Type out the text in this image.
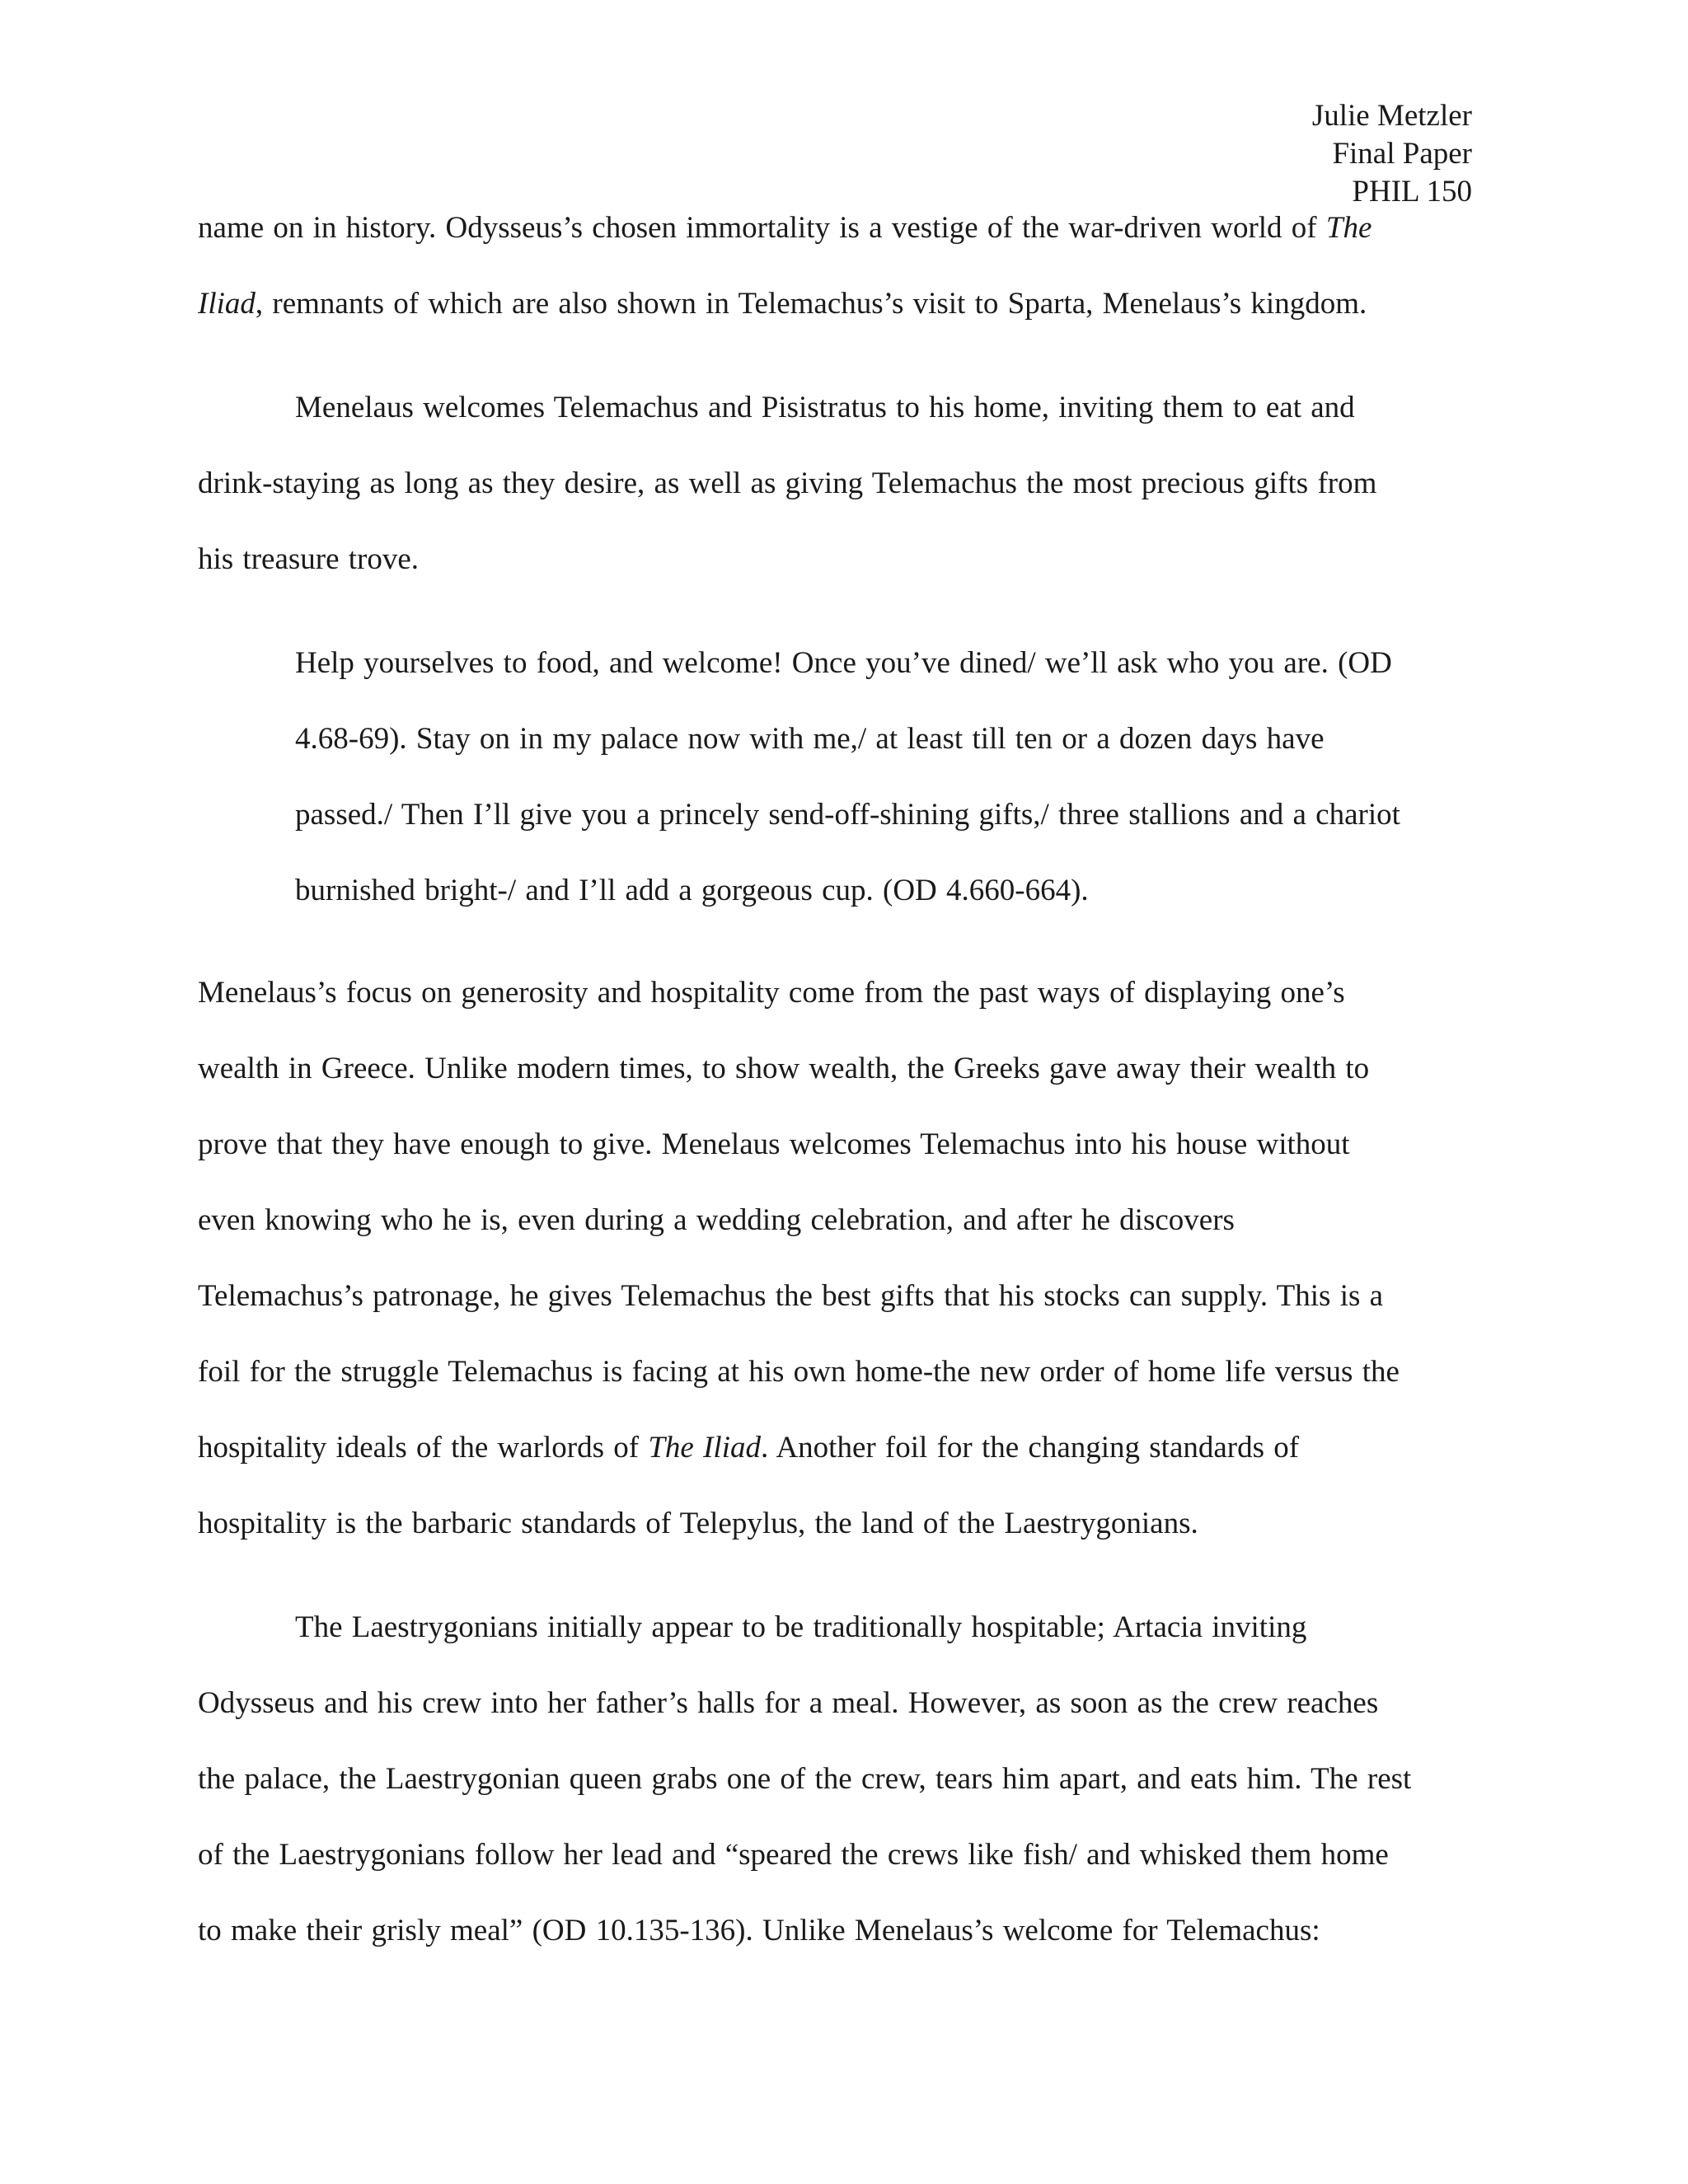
Julie Metzler
Final Paper
PHIL 150
name on in history. Odysseus’s chosen immortality is a vestige of the war-driven world of The
Iliad, remnants of which are also shown in Telemachus’s visit to Sparta, Menelaus’s kingdom.
Menelaus welcomes Telemachus and Pisistratus to his home, inviting them to eat and
drink-staying as long as they desire, as well as giving Telemachus the most precious gifts from
his treasure trove.
Help yourselves to food, and welcome! Once you’ve dined/ we’ll ask who you are. (OD
4.68-69). Stay on in my palace now with me,/ at least till ten or a dozen days have
passed./ Then I’ll give you a princely send-off-shining gifts,/ three stallions and a chariot
burnished bright-/ and I’ll add a gorgeous cup. (OD 4.660-664).
Menelaus’s focus on generosity and hospitality come from the past ways of displaying one’s
wealth in Greece. Unlike modern times, to show wealth, the Greeks gave away their wealth to
prove that they have enough to give. Menelaus welcomes Telemachus into his house without
even knowing who he is, even during a wedding celebration, and after he discovers
Telemachus’s patronage, he gives Telemachus the best gifts that his stocks can supply. This is a
foil for the struggle Telemachus is facing at his own home-the new order of home life versus the
hospitality ideals of the warlords of The Iliad. Another foil for the changing standards of
hospitality is the barbaric standards of Telepylus, the land of the Laestrygonians.
The Laestrygonians initially appear to be traditionally hospitable; Artacia inviting
Odysseus and his crew into her father’s halls for a meal. However, as soon as the crew reaches
the palace, the Laestrygonian queen grabs one of the crew, tears him apart, and eats him. The rest
of the Laestrygonians follow her lead and “speared the crews like fish/ and whisked them home
to make their grisly meal” (OD 10.135-136). Unlike Menelaus’s welcome for Telemachus:
